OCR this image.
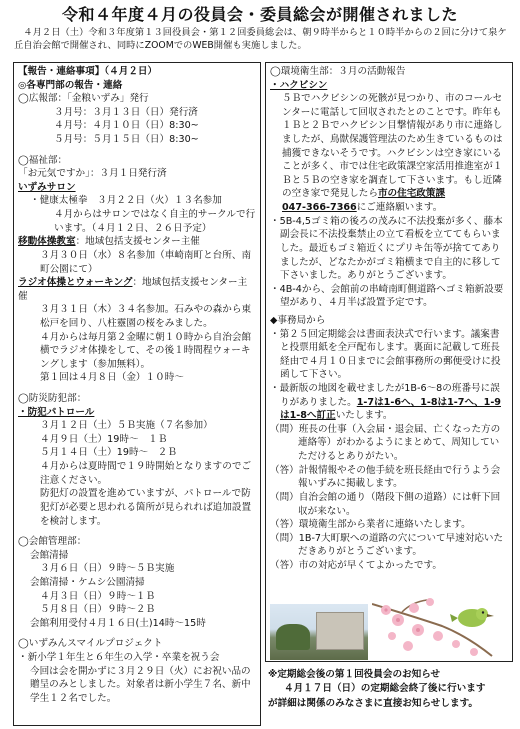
令和４年度４月の役員会・委員総会が開催されました
４月２日（土）令和３年度第１３回役員会・第１２回委員総会は、朝９時半からと１０時半からの２回に分けて泉ケ丘自治会館で開催され、同時にZOOMでのWEB開催も実施しました。
【報告・連絡事項】（４月２日）
◎各専門部の報告・連絡
◯広報部：「金粮いずみ」発行
３月号：３月１３日（日）発行済
４月号：４月１０日（日）8:30~
５月号：５月１５日（日）8:30~
◯福祉部：
「お元気ですか」：３月１日発行済
いずみサロン
・健康太極拳　３月２２日（火）１３名参加
４月からはサロンではなく自主的サークルで行います。（４月１２日、２６日予定）
移動体操教室：地域包括支援センター主催
３月３０日（水）８名参加（車崎南町と台所、南町公園にて）
ラジオ体操とウォーキング：地域包括支援センター主催
３月３１日（木）３４名参加。石みやの森から東松戸を回り、八柱靈園の桜をみました。
４月からは毎月第２金曜に朝１０時から自治会館横でラジオ体操をして、その後１時間程ウォーキングします（参加無料）。
第１回は４月８日（金）１０時～
◯防災防犯部：
・防犯パトロール
３月１２日（土）５Ｂ実施（７名参加）
４月９日（土）19時～　１Ｂ
５月１４日（土）19時～　２Ｂ
４月からは夏時間で１９時開始となりますのでご注意ください。
防犯灯の設置を進めていますが、パトロールで防犯灯が必要と思われる箇所が見られれば追加設置を検討します。
◯会館管理部：
会館清掃
３月６日（日）９時～５Ｂ実施
会館清掃・ケムシ公園清掃
４月３日（日）９時～１Ｂ
５月８日（日）９時～２Ｂ
会館利用受付４月１６日(土)14時～15時
◯いずみんスマイルプロジェクト
・新小学１年生と６年生の入学・卒業を祝う会
今回は会を開かずに３月２９日（火）にお祝い品の贈呈のみとしました。対象者は新小学生７名、新中学生１２名でした。
◯環境衛生部：３月の活動報告
・ハクビシン
５Ｂでハクビシンの死骸が見つかり、市のコールセンターに電話して回収されたとのことです。昨年も１Ｂと２Ｂでハクビシン目撃情報があり市に連絡しましたが、鳥獣保護管理法のため生きているものは捕獲できないそうです。ハクビシンは空き家にいることが多く、市では住宅政策課空家活用推進室が１Ｂと５Ｂの空き家を調査して下さいます。もし近隣の空き家で発見したら市の住宅政策課
047-366-7366にご連絡願います。
・5B-4,5ゴミ箱の後ろの茂みに不法投棄が多く、藤本副会長に不法投棄禁止の立て看板を立ててもらいました。最近もゴミ箱近くにプリキ缶等が捨ててありましたが、どなたかがゴミ箱横まで自主的に移して下さいました。ありがとうございます。
・4B-4から、会館前の串崎南町側道路ヘゴミ箱新設要望があり、４月半ば設置予定です。
◆事務局から
・第２５回定期総会は書面表決式で行います。議案書と投票用紙を全戸配布します。裏面に記載して班長経由で４月１０日までに会館事務所の郵便受けに投函して下さい。
・最新版の地図を載せましたが1B-6～8の班番号に誤りがありました。1-7は1-6へ、1-8は1-7へ、1-9は1-8へ訂正いたします。
（問）班長の仕事（入会届・退会届、亡くなった方の連絡等）がわかるようにまとめて、周知していただけるとありがたい。
（答）計報情報やその他手続を班長経由で行うよう会報いずみに掲載します。
（問）自治会館の通り（階段下側の道路）には軒下回収が来ない。
（答）環境衛生部から業者に連絡いたします。
（問）1B-7大町駅への道路の穴について早速対応いただきありがとうございます。
（答）市の対応が早くてよかったです。
※定期総会後の第１回役員会のお知らせ
４月１７日（日）の定期総会終了後に行います
が詳細は関係のみなさまに直接お知らせします。
